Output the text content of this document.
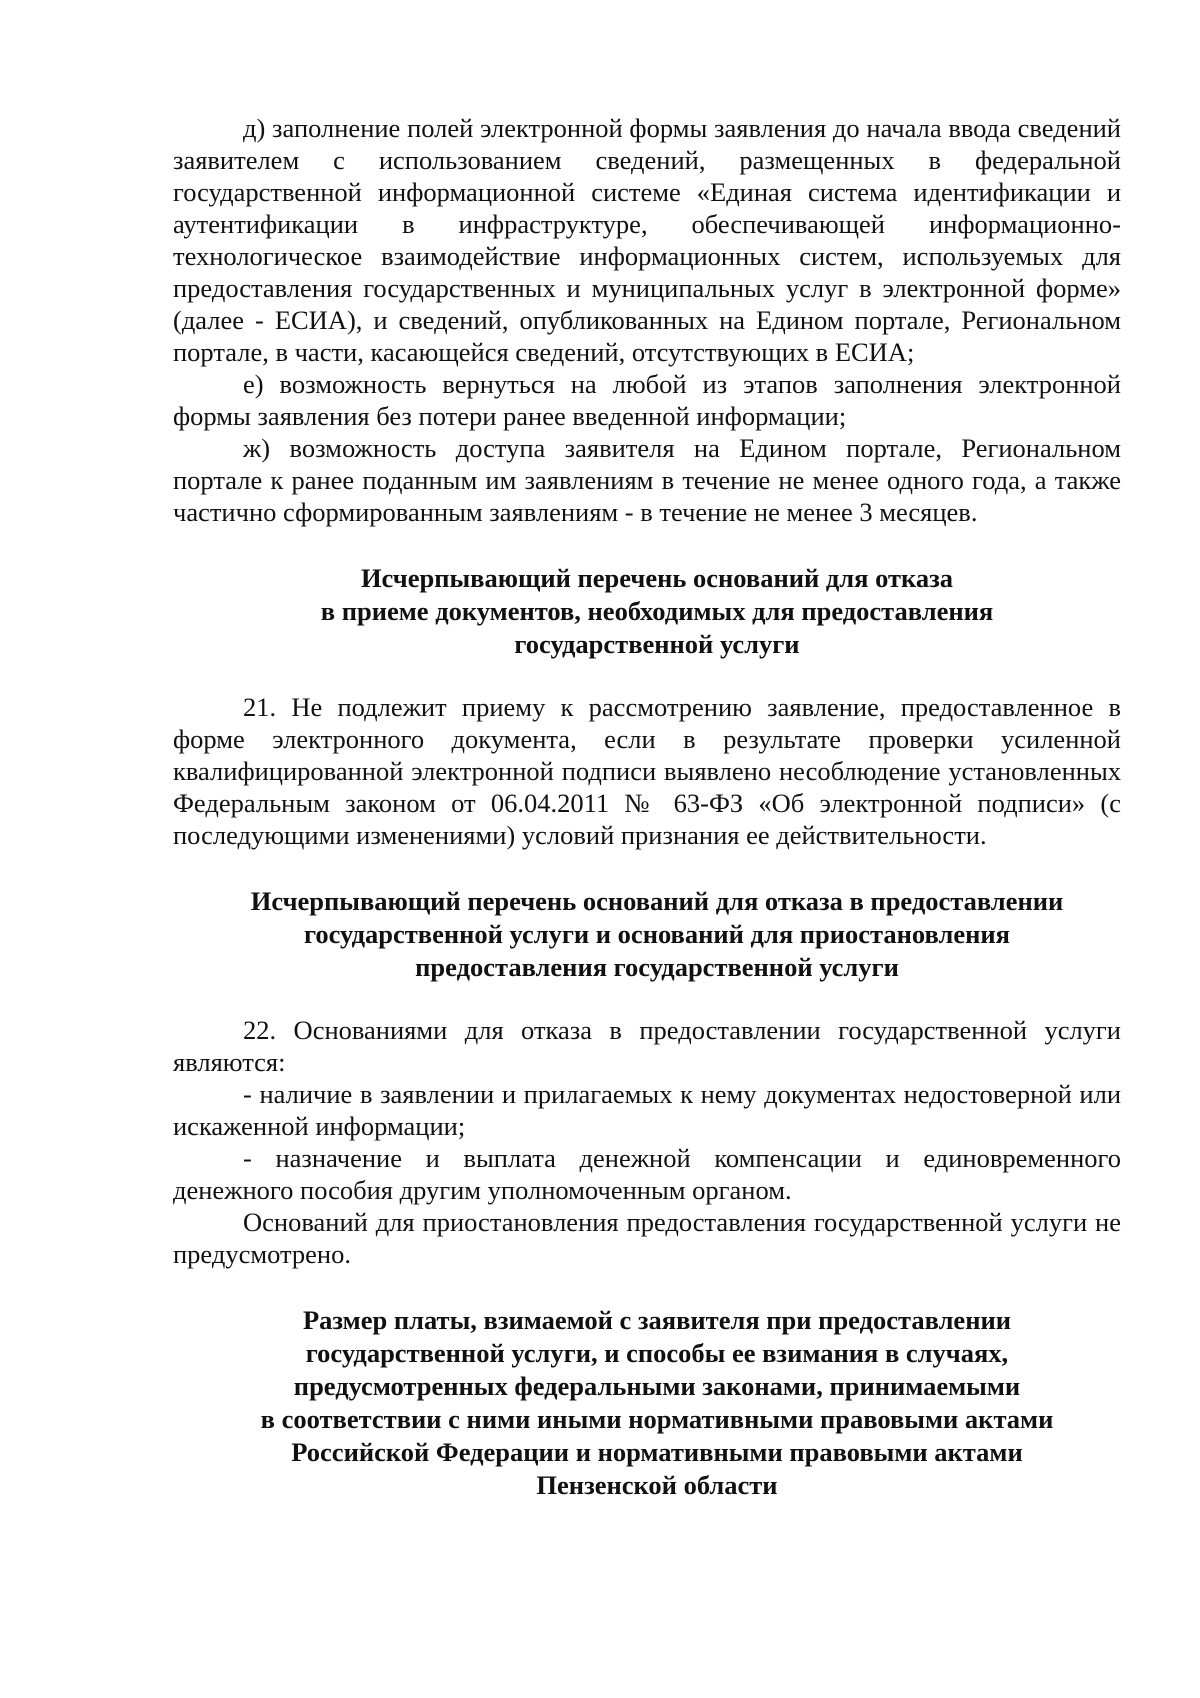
д) заполнение полей электронной формы заявления до начала ввода сведений заявителем с использованием сведений, размещенных в федеральной государственной информационной системе «Единая система идентификации и аутентификации в инфраструктуре, обеспечивающей информационно-технологическое взаимодействие информационных систем, используемых для предоставления государственных и муниципальных услуг в электронной форме» (далее - ЕСИА), и сведений, опубликованных на Едином портале, Региональном портале, в части, касающейся сведений, отсутствующих в ЕСИА;

е) возможность вернуться на любой из этапов заполнения электронной формы заявления без потери ранее введенной информации;

ж) возможность доступа заявителя на Едином портале, Региональном портале к ранее поданным им заявлениям в течение не менее одного года, а также частично сформированным заявлениям - в течение не менее 3 месяцев.

Исчерпывающий перечень оснований для отказа
в приеме документов, необходимых для предоставления
государственной услуги

21. Не подлежит приему к рассмотрению заявление, предоставленное в форме электронного документа, если в результате проверки усиленной квалифицированной электронной подписи выявлено несоблюдение установленных Федеральным законом от 06.04.2011 № 63-ФЗ «Об электронной подписи» (с последующими изменениями) условий признания ее действительности.

Исчерпывающий перечень оснований для отказа в предоставлении
государственной услуги и оснований для приостановления
предоставления государственной услуги

22. Основаниями для отказа в предоставлении государственной услуги являются:

- наличие в заявлении и прилагаемых к нему документах недостоверной или искаженной информации;

- назначение и выплата денежной компенсации и единовременного денежного пособия другим уполномоченным органом.

Оснований для приостановления предоставления государственной услуги не предусмотрено.

Размер платы, взимаемой с заявителя при предоставлении
государственной услуги, и способы ее взимания в случаях,
предусмотренных федеральными законами, принимаемыми
в соответствии с ними иными нормативными правовыми актами
Российской Федерации и нормативными правовыми актами
Пензенской области
